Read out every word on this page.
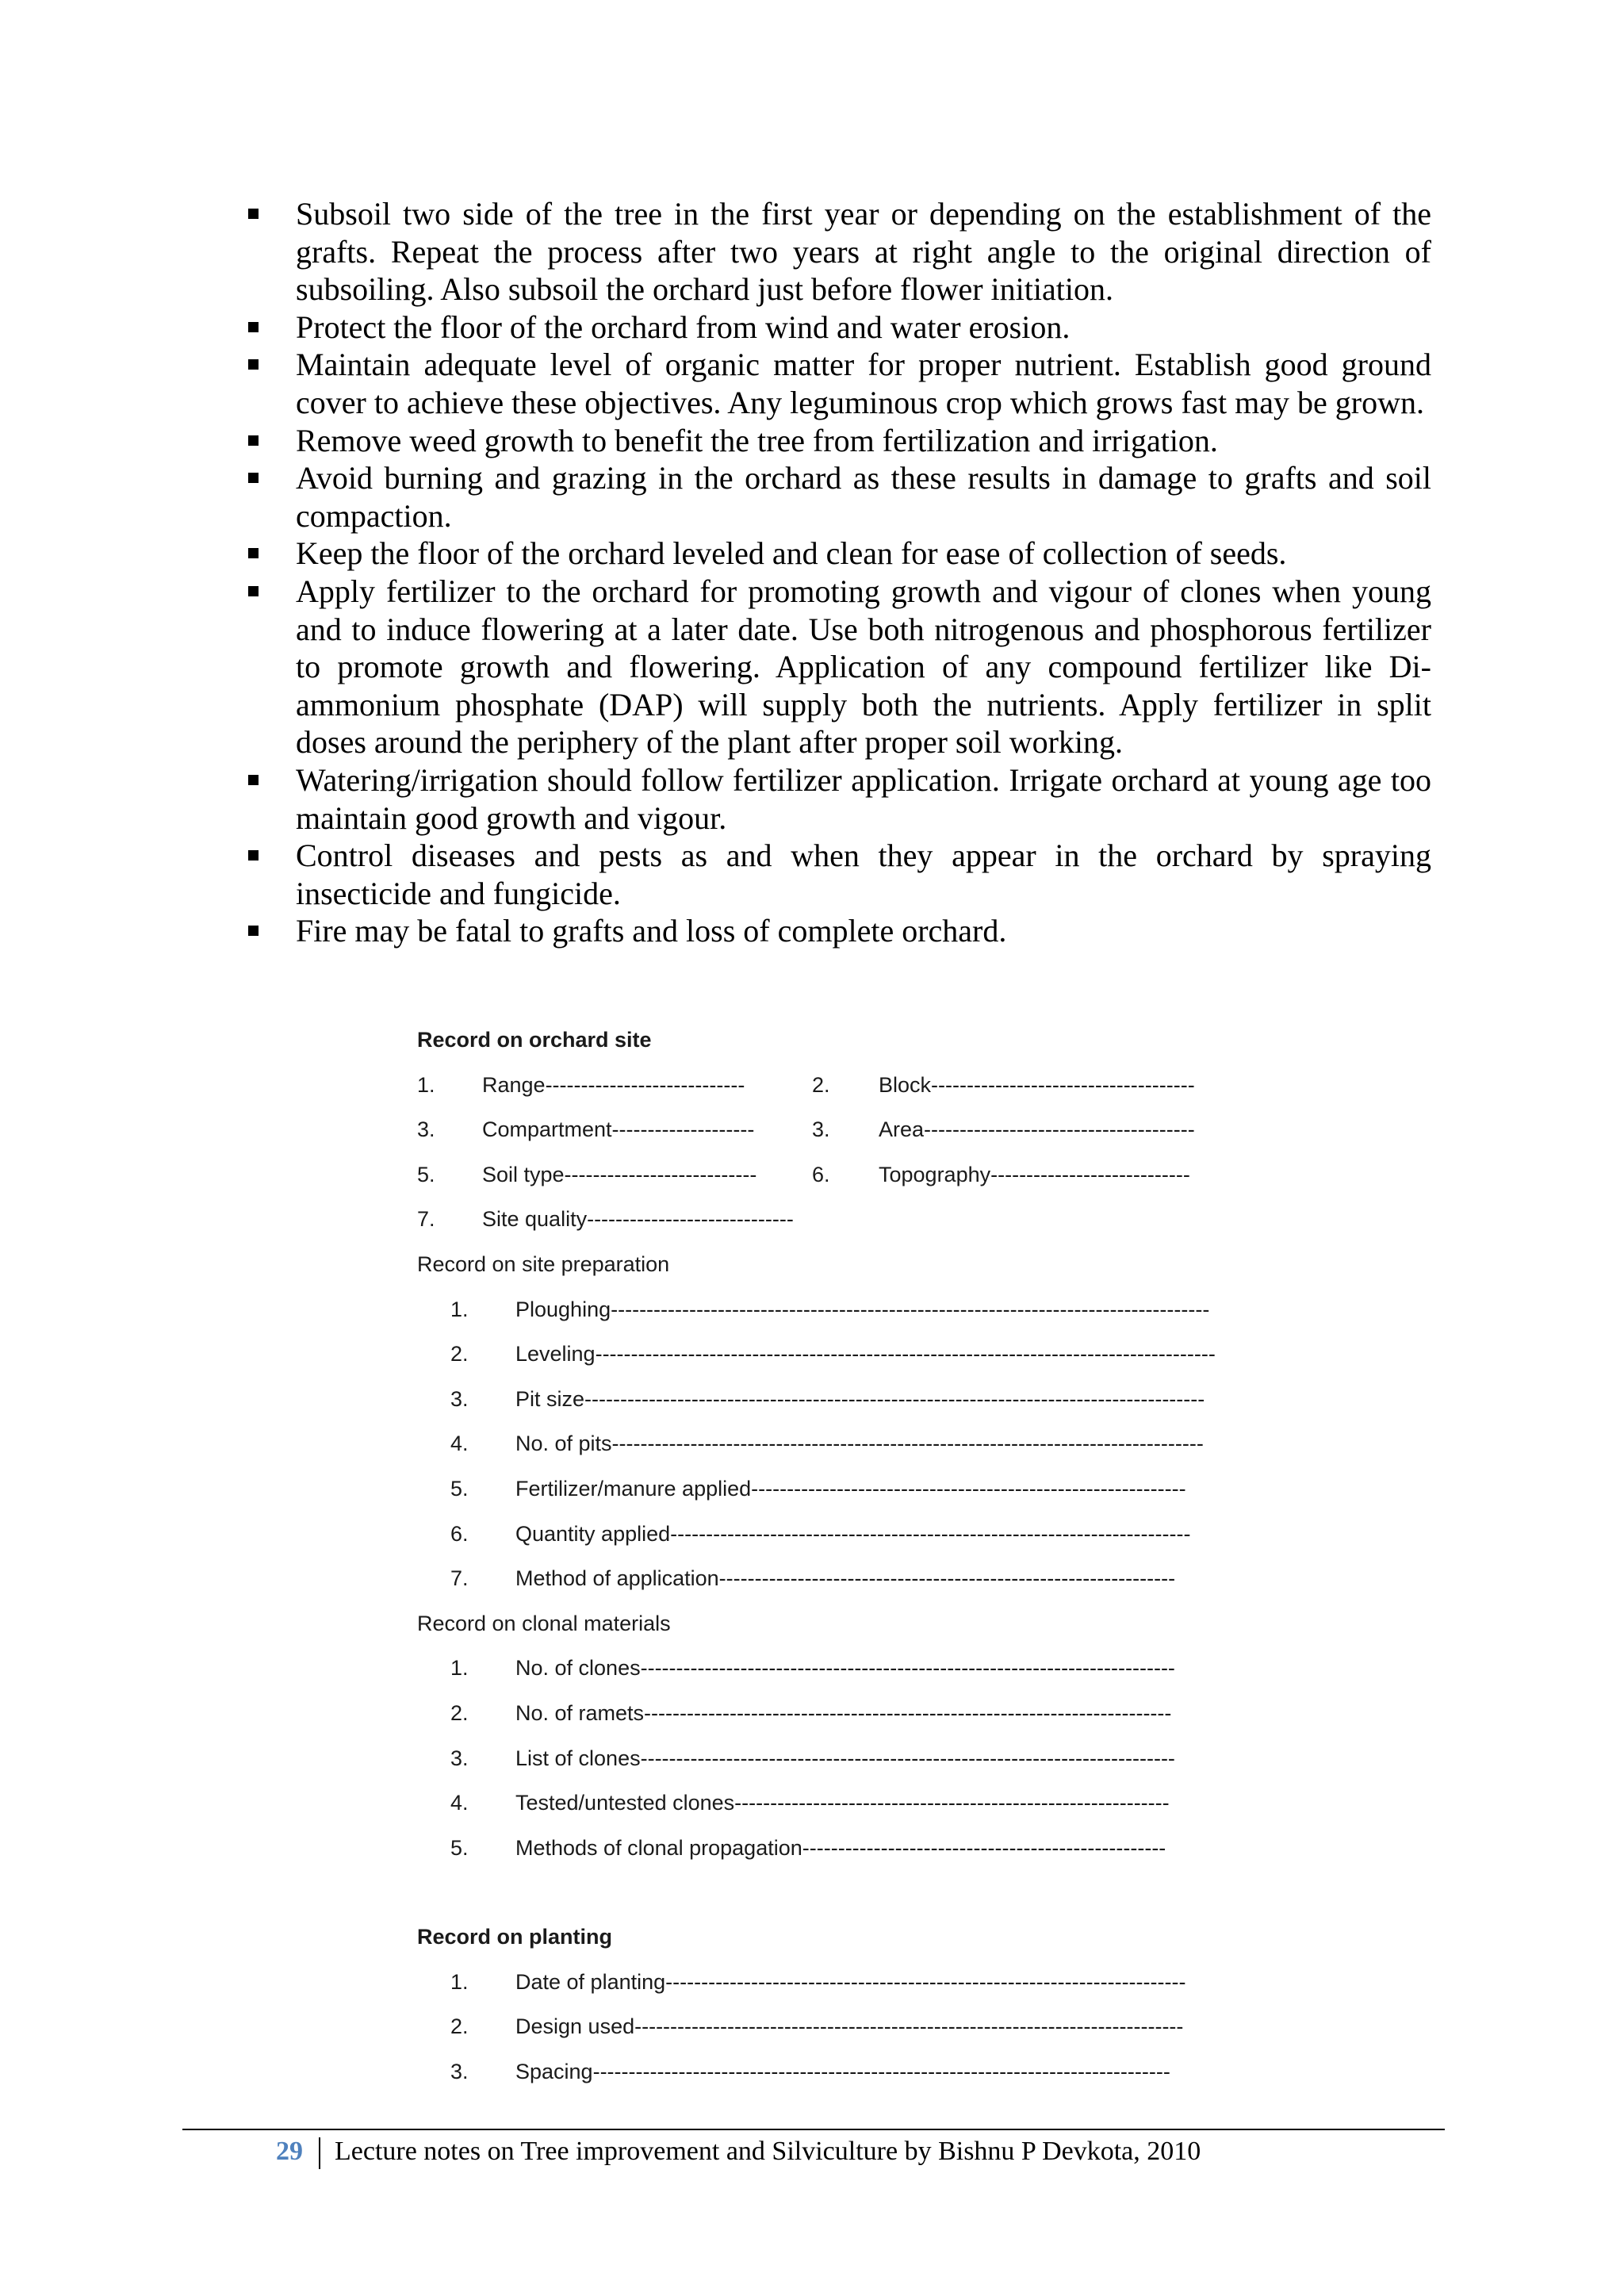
Subsoil two side of the tree in the first year or depending on the establishment of the grafts. Repeat the process after two years at right angle to the original direction of subsoiling. Also subsoil the orchard just before flower initiation.
Protect the floor of the orchard from wind and water erosion.
Maintain adequate level of organic matter for proper nutrient. Establish good ground cover to achieve these objectives. Any leguminous crop which grows fast may be grown.
Remove weed growth to benefit the tree from fertilization and irrigation.
Avoid burning and grazing in the orchard as these results in damage to grafts and soil compaction.
Keep the floor of the orchard leveled and clean for ease of collection of seeds.
Apply fertilizer to the orchard for promoting growth and vigour of clones when young and to induce flowering at a later date. Use both nitrogenous and phosphorous fertilizer to promote growth and flowering. Application of any compound fertilizer like Di-ammonium phosphate (DAP) will supply both the nutrients. Apply fertilizer in split doses around the periphery of the plant after proper soil working.
Watering/irrigation should follow fertilizer application. Irrigate orchard at young age too maintain good growth and vigour.
Control diseases and pests as and when they appear in the orchard by spraying insecticide and fungicide.
Fire may be fatal to grafts and loss of complete orchard.
Record on orchard site
1. Range----------------------------	2. Block-------------------------------------
3. Compartment--------------------	3. Area--------------------------------------
5. Soil type---------------------------	6. Topography----------------------------
7. Site quality-----------------------------
Record on site preparation
1. Ploughing------------------------------------------------------------------------------------
2. Leveling---------------------------------------------------------------------------------------
3. Pit size---------------------------------------------------------------------------------------
4. No. of pits-----------------------------------------------------------------------------------
5. Fertilizer/manure applied-------------------------------------------------------------
6. Quantity applied-------------------------------------------------------------------------
7. Method of application----------------------------------------------------------------
Record on clonal materials
1. No. of clones---------------------------------------------------------------------------
2. No. of ramets--------------------------------------------------------------------------
3. List of clones---------------------------------------------------------------------------
4. Tested/untested clones-------------------------------------------------------------
5. Methods of clonal propagation---------------------------------------------------
Record on planting
1. Date of planting-------------------------------------------------------------------------
2. Design used-----------------------------------------------------------------------------
3. Spacing---------------------------------------------------------------------------------
29 Lecture notes on Tree improvement and Silviculture by Bishnu P Devkota, 2010
